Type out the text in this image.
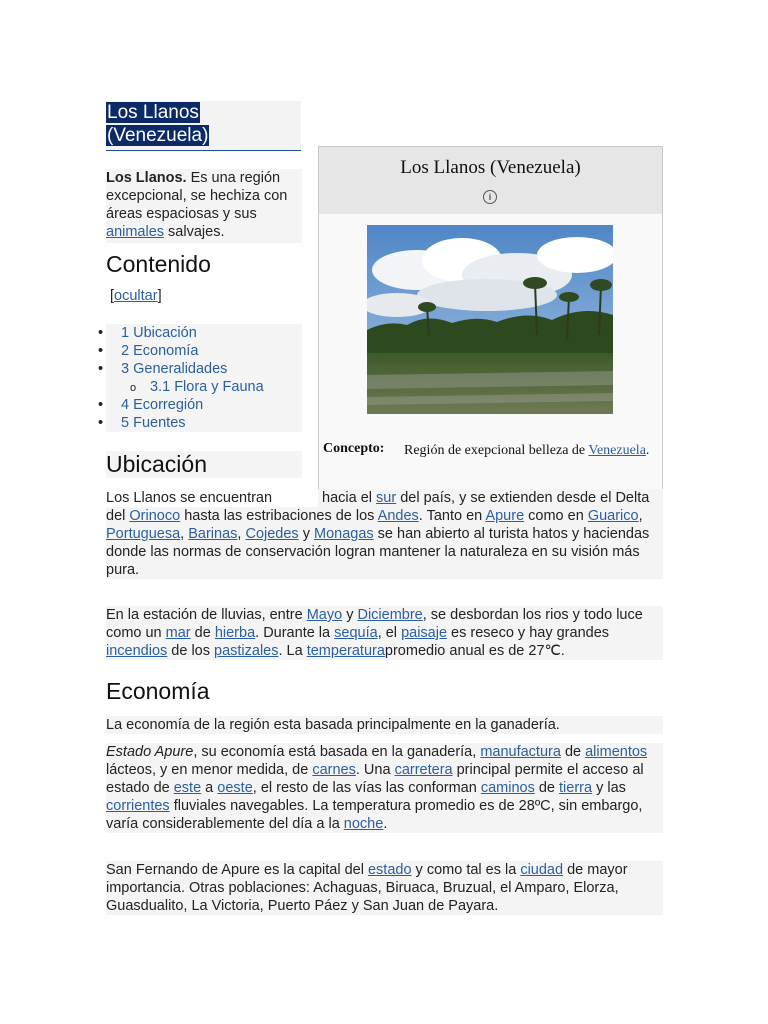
Los Llanos (Venezuela)
Los Llanos. Es una región excepcional, se hechiza con áreas espaciosas y sus animales salvajes.
Contenido
[ocultar]
• 1 Ubicación
• 2 Economía
• 3 Generalidades
o 3.1 Flora y Fauna
• 4 Ecorregión
• 5 Fuentes
Los Llanos (Venezuela)
i
Concepto: Región de exepcional belleza de Venezuela.
Ubicación
Los Llanos se encuentran	hacia el sur del país, y se extienden desde el Delta del Orinoco hasta las estribaciones de los Andes. Tanto en Apure como en Guarico, Portuguesa, Barinas, Cojedes y Monagas se han abierto al turista hatos y haciendas donde las normas de conservación logran mantener la naturaleza en su visión más pura.
En la estación de lluvias, entre Mayo y Diciembre, se desbordan los rios y todo luce como un mar de hierba. Durante la sequía, el paisaje es reseco y hay grandes incendios de los pastizales. La temperaturapromedio anual es de 27℃.
Economía
La economía de la región esta basada principalmente en la ganadería.
Estado Apure, su economía está basada en la ganadería, manufactura de alimentos lácteos, y en menor medida, de carnes. Una carretera principal permite el acceso al estado de este a oeste, el resto de las vías las conforman caminos de tierra y las corrientes fluviales navegables. La temperatura promedio es de 28ºC, sin embargo, varía considerablemente del día a la noche.
San Fernando de Apure es la capital del estado y como tal es la ciudad de mayor importancia. Otras poblaciones: Achaguas, Biruaca, Bruzual, el Amparo, Elorza, Guasdualito, La Victoria, Puerto Páez y San Juan de Payara.
